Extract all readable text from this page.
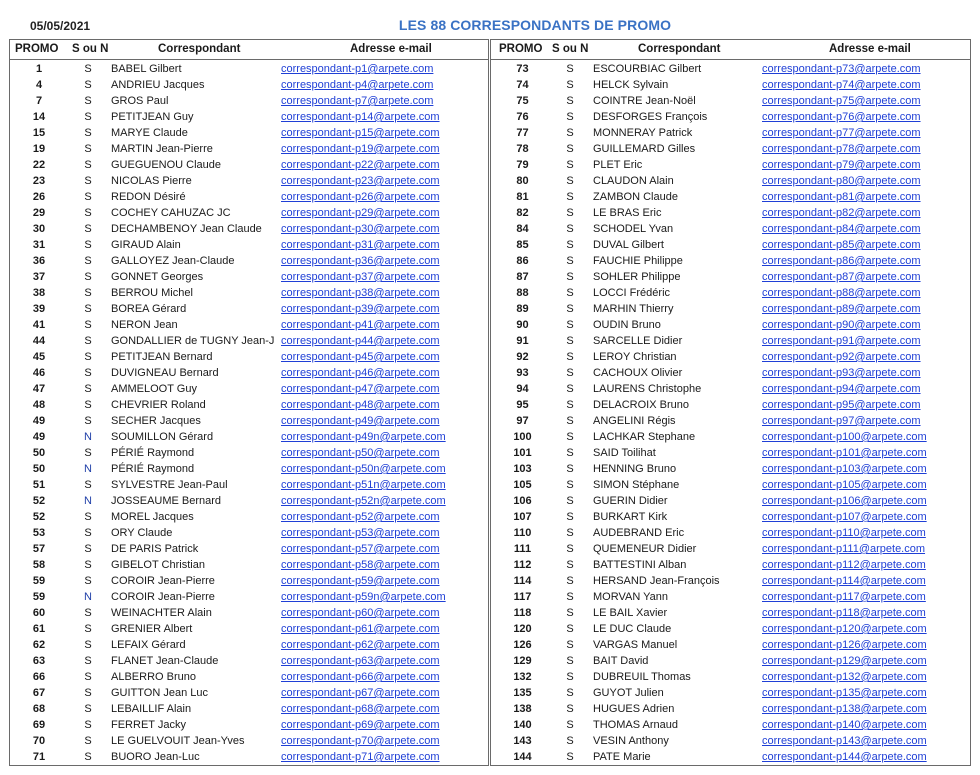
05/05/2021	LES 88 CORRESPONDANTS DE PROMO
PROMO S ou N	Correspondant	Adresse e-mail
1	S	BABEL Gilbert	correspondant-p1@arpete.com
4	S	ANDRIEU Jacques	correspondant-p4@arpete.com
7	S	GROS Paul	correspondant-p7@arpete.com
14	S	PETITJEAN Guy	correspondant-p14@arpete.com
15	S	MARYE Claude	correspondant-p15@arpete.com
19	S	MARTIN Jean-Pierre	correspondant-p19@arpete.com
22	S	GUEGUENOU Claude	correspondant-p22@arpete.com
23	S	NICOLAS Pierre	correspondant-p23@arpete.com
26	S	REDON Désiré	correspondant-p26@arpete.com
29	S	COCHEY CAHUZAC JC	correspondant-p29@arpete.com
30	S	DECHAMBENOY Jean Claude correspondant-p30@arpete.com
31	S	GIRAUD Alain	correspondant-p31@arpete.com
36	S	GALLOYEZ Jean-Claude	correspondant-p36@arpete.com
37	S	GONNET Georges	correspondant-p37@arpete.com
38	S	BERROU Michel	correspondant-p38@arpete.com
39	S	BOREA Gérard	correspondant-p39@arpete.com
41	S	NERON Jean	correspondant-p41@arpete.com
44	S	GONDALLIER de TUGNY Jean-J correspondant-p44@arpete.com
45	S	PETITJEAN Bernard	correspondant-p45@arpete.com
46	S	DUVIGNEAU Bernard	correspondant-p46@arpete.com
47	S	AMMELOOT Guy	correspondant-p47@arpete.com
48	S	CHEVRIER Roland	correspondant-p48@arpete.com
49	S	SECHER Jacques	correspondant-p49@arpete.com
49	N	SOUMILLON Gérard	correspondant-p49n@arpete.com
50	S	PÉRIÉ Raymond	correspondant-p50@arpete.com
50	N	PÉRIÉ Raymond	correspondant-p50n@arpete.com
51	S	SYLVESTRE Jean-Paul	correspondant-p51n@arpete.com
52	N	JOSSEAUME Bernard	correspondant-p52n@arpete.com
52	S	MOREL Jacques	correspondant-p52@arpete.com
53	S	ORY Claude	correspondant-p53@arpete.com
57	S	DE PARIS Patrick	correspondant-p57@arpete.com
58	S	GIBELOT Christian	correspondant-p58@arpete.com
59	S	COROIR Jean-Pierre	correspondant-p59@arpete.com
59	N	COROIR Jean-Pierre	correspondant-p59n@arpete.com
60	S	WEINACHTER Alain	correspondant-p60@arpete.com
61	S	GRENIER Albert	correspondant-p61@arpete.com
62	S	LEFAIX Gérard	correspondant-p62@arpete.com
63	S	FLANET Jean-Claude	correspondant-p63@arpete.com
66	S	ALBERRO Bruno	correspondant-p66@arpete.com
67	S	GUITTON Jean Luc	correspondant-p67@arpete.com
68	S	LEBAILLIF Alain	correspondant-p68@arpete.com
69	S	FERRET Jacky	correspondant-p69@arpete.com
70	S	LE GUELVOUIT Jean-Yves	correspondant-p70@arpete.com
71	S	BUORO Jean-Luc	correspondant-p71@arpete.com
PROMO S ou N	Correspondant	Adresse e-mail
73	S	ESCOURBIAC Gilbert	correspondant-p73@arpete.com
74	S	HELCK Sylvain	correspondant-p74@arpete.com
75	S	COINTRE Jean-Noël	correspondant-p75@arpete.com
76	S	DESFORGES François	correspondant-p76@arpete.com
77	S	MONNERAY Patrick	correspondant-p77@arpete.com
78	S	GUILLEMARD Gilles	correspondant-p78@arpete.com
79	S	PLET Eric	correspondant-p79@arpete.com
80	S	CLAUDON Alain	correspondant-p80@arpete.com
81	S	ZAMBON Claude	correspondant-p81@arpete.com
82	S	LE BRAS Eric	correspondant-p82@arpete.com
84	S	SCHODEL Yvan	correspondant-p84@arpete.com
85	S	DUVAL Gilbert	correspondant-p85@arpete.com
86	S	FAUCHIE Philippe	correspondant-p86@arpete.com
87	S	SOHLER Philippe	correspondant-p87@arpete.com
88	S	LOCCI Frédéric	correspondant-p88@arpete.com
89	S	MARHIN Thierry	correspondant-p89@arpete.com
90	S	OUDIN Bruno	correspondant-p90@arpete.com
91	S	SARCELLE Didier	correspondant-p91@arpete.com
92	S	LEROY Christian	correspondant-p92@arpete.com
93	S	CACHOUX Olivier	correspondant-p93@arpete.com
94	S	LAURENS Christophe	correspondant-p94@arpete.com
95	S	DELACROIX Bruno	correspondant-p95@arpete.com
97	S	ANGELINI Régis	correspondant-p97@arpete.com
100	S	LACHKAR Stephane	correspondant-p100@arpete.com
101	S	SAID Toilihat	correspondant-p101@arpete.com
103	S	HENNING Bruno	correspondant-p103@arpete.com
105	S	SIMON Stéphane	correspondant-p105@arpete.com
106	S	GUERIN Didier	correspondant-p106@arpete.com
107	S	BURKART Kirk	correspondant-p107@arpete.com
110	S	AUDEBRAND Eric	correspondant-p110@arpete.com
111	S	QUEMENEUR Didier	correspondant-p111@arpete.com
112	S	BATTESTINI Alban	correspondant-p112@arpete.com
114	S	HERSAND Jean-François	correspondant-p114@arpete.com
117	S	MORVAN Yann	correspondant-p117@arpete.com
118	S	LE BAIL Xavier	correspondant-p118@arpete.com
120	S	LE DUC Claude	correspondant-p120@arpete.com
126	S	VARGAS Manuel	correspondant-p126@arpete.com
129	S	BAIT David	correspondant-p129@arpete.com
132	S	DUBREUIL Thomas	correspondant-p132@arpete.com
135	S	GUYOT Julien	correspondant-p135@arpete.com
138	S	HUGUES Adrien	correspondant-p138@arpete.com
140	S	THOMAS Arnaud	correspondant-p140@arpete.com
143	S	VESIN Anthony	correspondant-p143@arpete.com
144	S	PATE Marie	correspondant-p144@arpete.com
